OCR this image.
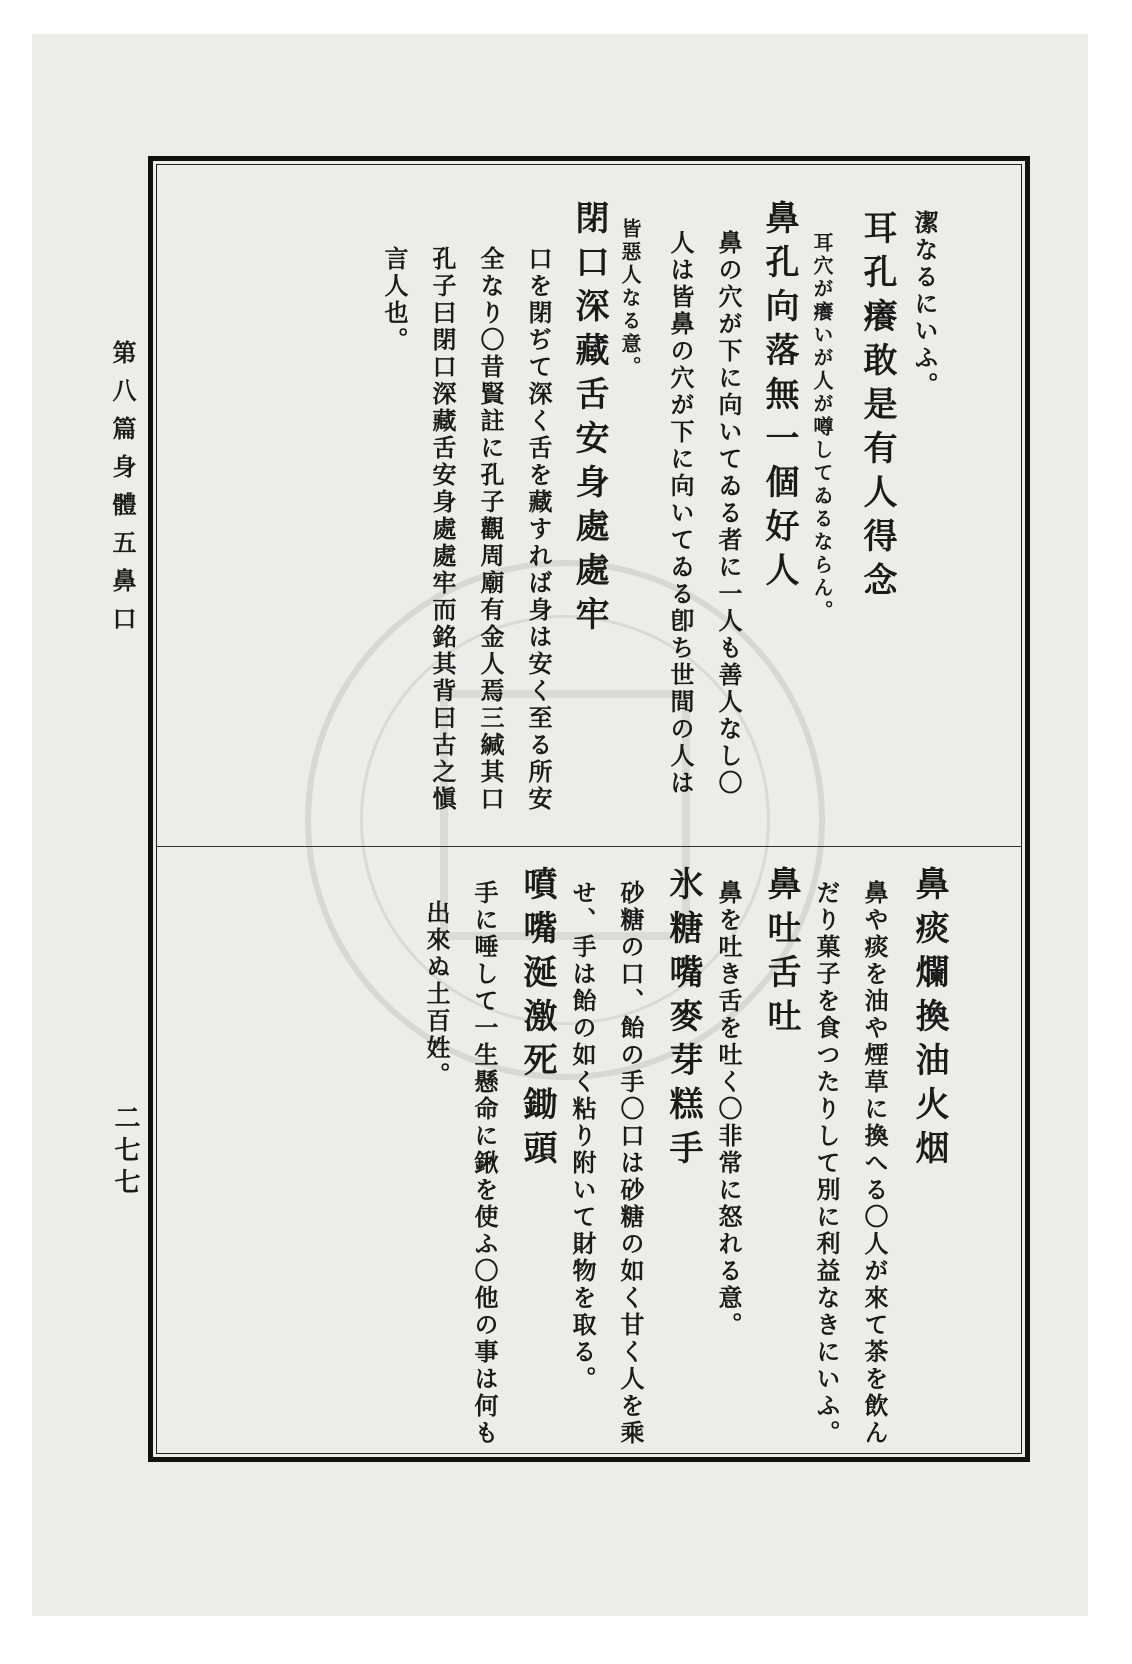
第八篇身體五鼻口
二七七
潔なるにいふ。
耳孔癢敢是有人得念
耳穴が癢いが人が噂してゐるならん。
鼻孔向落無一個好人
鼻の穴が下に向いてゐる者に一人も善人なし〇
人は皆鼻の穴が下に向いてゐる卽ち世間の人は
皆惡人なる意。
閉口深藏舌安身處處牢
口を閉ぢて深く舌を藏すれば身は安く至る所安
全なり〇昔賢註に孔子觀周廟有金人焉三緘其口
孔子曰閉口深藏舌安身處處牢而銘其背曰古之愼
言人也。
鼻痰爛換油火烟
鼻や痰を油や煙草に換へる〇人が來て茶を飲ん
だり菓子を食つたりして別に利益なきにいふ。
鼻吐舌吐
鼻を吐き舌を吐く〇非常に怒れる意。
氷糖嘴麥芽糕手
砂糖の口、飴の手〇口は砂糖の如く甘く人を乘
せ、手は飴の如く粘り附いて財物を取る。
噴嘴涎激死鋤頭
手に唾して一生懸命に鍬を使ふ〇他の事は何も
出來ぬ土百姓。
